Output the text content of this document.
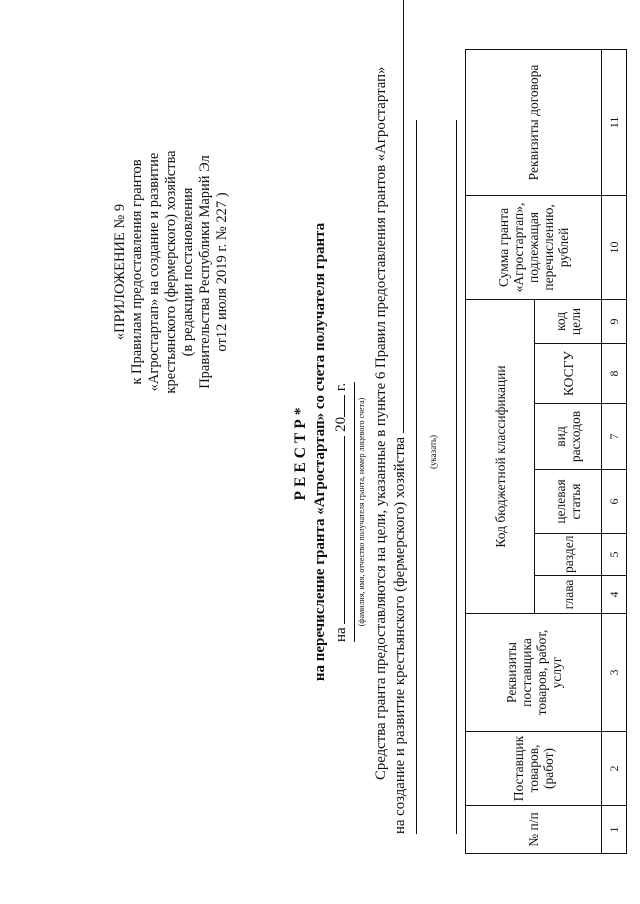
«ПРИЛОЖЕНИЕ № 9 к Правилам предоставления грантов «Агростартап» на создание и развитие крестьянского (фермерского) хозяйства (в редакции постановления Правительства Республики Марий Эл от12 июля 2019 г. № 227 )
РЕЕСТР* на перечисление гранта «Агростартап» со счета получателя гранта на  20 г.
(фамилия, имя, отчество получателя гранта, номер лицевого счета) Средства гранта предоставляются на цели, указанные в пункте 6 Правил предоставления грантов «Агростартап» на создание и развитие крестьянского (фермерского) хозяйства (указать)
№ п/п	Поставщик товаров, (работ)	Реквизиты поставщика товаров, работ, услуг	Код бюджетной классификации						Сумма гранта «Агростартап», подлежащая перечислению, рублей	Реквизиты договора
			глава	раздел	целевая статья	вид расходов	КОСГУ	код цели		
1	2	3	4	5	6	7	8	9	10	11
